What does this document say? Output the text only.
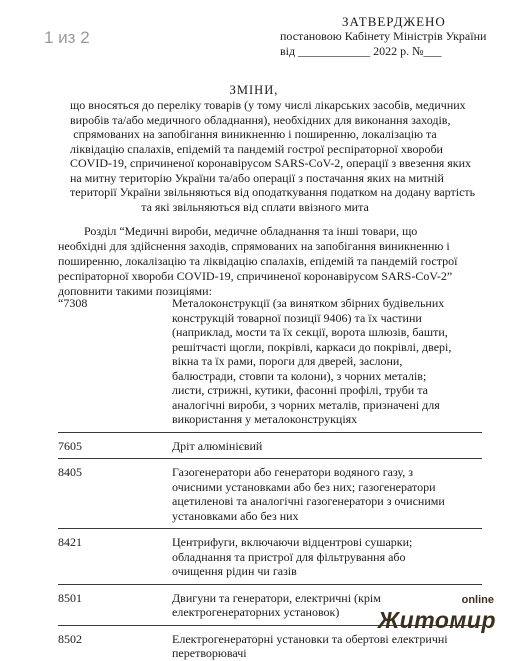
1 из 2
ЗАТВЕРДЖЕНО
постановою Кабінету Міністрів України
від ____________ 2022 р. №___
ЗМІНИ,
що вносяться до переліку товарів (у тому числі лікарських засобів, медичних
виробів та/або медичного обладнання), необхідних для виконання заходів,
спрямованих на запобігання виникненню і поширенню, локалізацію та
ліквідацію спалахів, епідемій та пандемій гострої респіраторної хвороби
COVID-19, спричиненої коронавірусом SARS-CoV-2, операції з ввезення яких
на митну територію України та/або операції з постачання яких на митній
території України звільняються від оподаткування податком на додану вартість
та які звільняються від сплати ввізного мита
Розділ “Медичні вироби, медичне обладнання та інші товари, що
необхідні для здійснення заходів, спрямованих на запобігання виникненню і
поширенню, локалізацію та ліквідацію спалахів, епідемій та пандемій гострої
респіраторної хвороби COVID-19, спричиненої коронавірусом SARS-CoV-2”
доповнити такими позиціями:
“7308	Металоконструкції (за винятком збірних будівельних
конструкцій товарної позиції 9406) та їх частини
(наприклад, мости та їх секції, ворота шлюзів, башти,
решітчасті щогли, покрівлі, каркаси до покрівлі, двері,
вікна та їх рами, пороги для дверей, заслони,
балюстради, стовпи та колони), з чорних металів;
листи, стрижні, кутики, фасонні профілі, труби та
аналогічні вироби, з чорних металів, призначені для
використання у металоконструкціях
7605	Дріт алюмінієвий
8405	Газогенератори або генератори водяного газу, з
очисними установками або без них; газогенератори
ацетиленові та аналогічні газогенератори з очисними
установками або без них
8421	Центрифуги, включаючи відцентрові сушарки;
обладнання та пристрої для фільтрування або
очищення рідин чи газів
8501	Двигуни та генератори, електричні (крім
електрогенераторних установок)
8502	Електрогенераторні установки та обертові електричні
перетворювачі
online
Житомир
